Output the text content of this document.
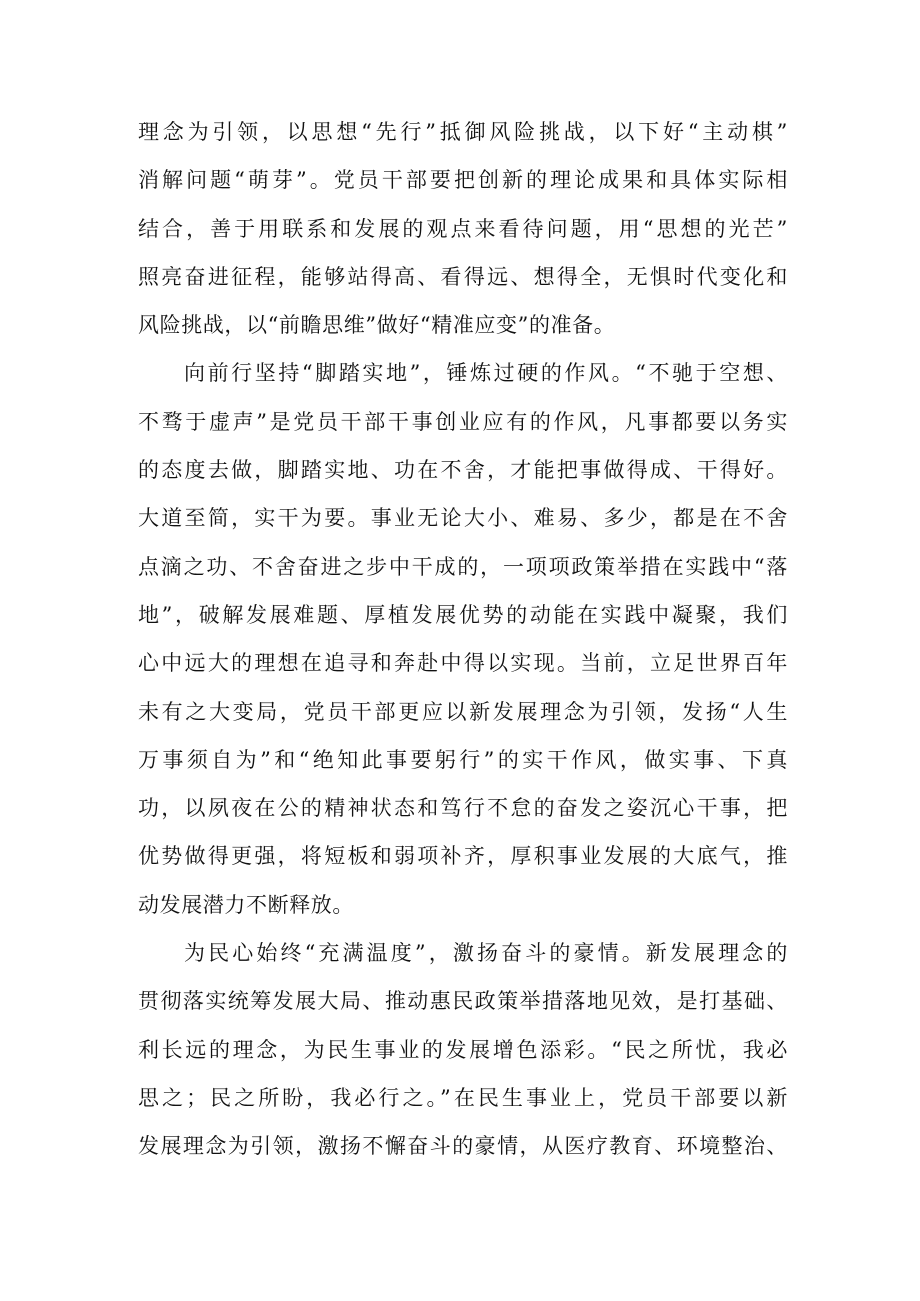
理念为引领，以思想“先行”抵御风险挑战，以下好“主动棋”
消解问题“萌芽”。党员干部要把创新的理论成果和具体实际相
结合，善于用联系和发展的观点来看待问题，用“思想的光芒”
照亮奋进征程，能够站得高、看得远、想得全，无惧时代变化和
风险挑战，以“前瞻思维”做好“精准应变”的准备。
向前行坚持“脚踏实地”，锤炼过硬的作风。“不驰于空想、
不骛于虚声”是党员干部干事创业应有的作风，凡事都要以务实
的态度去做，脚踏实地、功在不舍，才能把事做得成、干得好。
大道至简，实干为要。事业无论大小、难易、多少，都是在不舍
点滴之功、不舍奋进之步中干成的，一项项政策举措在实践中“落
地”，破解发展难题、厚植发展优势的动能在实践中凝聚，我们
心中远大的理想在追寻和奔赴中得以实现。当前，立足世界百年
未有之大变局，党员干部更应以新发展理念为引领，发扬“人生
万事须自为”和“绝知此事要躬行”的实干作风，做实事、下真
功，以夙夜在公的精神状态和笃行不怠的奋发之姿沉心干事，把
优势做得更强，将短板和弱项补齐，厚积事业发展的大底气，推
动发展潜力不断释放。
为民心始终“充满温度”，激扬奋斗的豪情。新发展理念的
贯彻落实统筹发展大局、推动惠民政策举措落地见效，是打基础、
利长远的理念，为民生事业的发展增色添彩。“民之所忧，我必
思之；民之所盼，我必行之。”在民生事业上，党员干部要以新
发展理念为引领，激扬不懈奋斗的豪情，从医疗教育、环境整治、
